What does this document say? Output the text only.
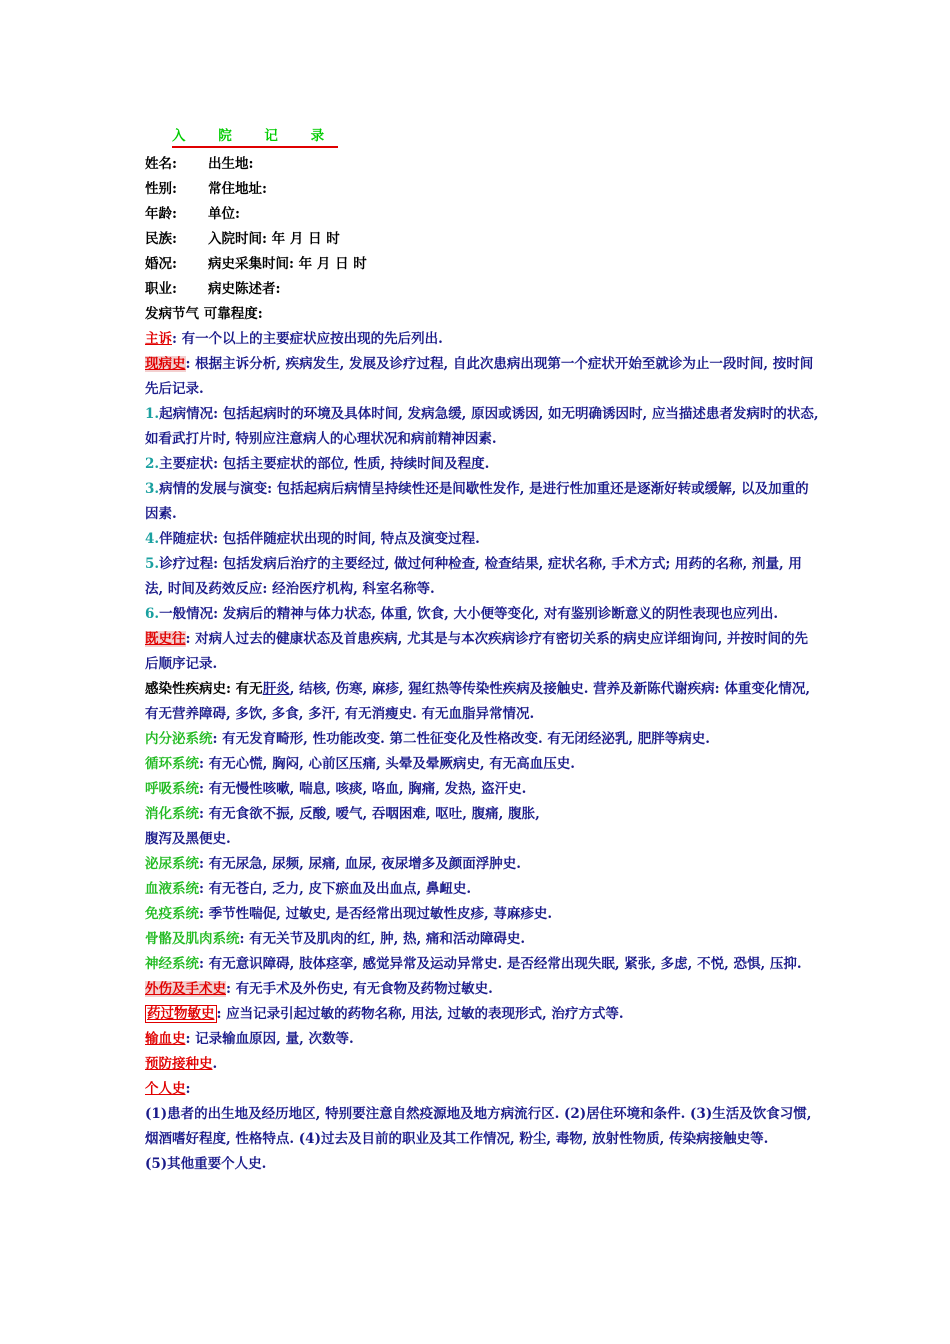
入 院 记 录
姓名:	出生地:
性别:	常住地址:
年龄:	单位:
民族:	入院时间: 年 月 日 时
婚况:	病史采集时间: 年 月 日 时
职业:	病史陈述者:

发病节气 可靠程度:

主诉: 有一个以上的主要症状应按出现的先后列出.

现病史: 根据主诉分析, 疾病发生, 发展及诊疗过程, 自此次患病出现第一个症状开始至就诊为止一段时间, 按时间先后记录.

1.起病情况: 包括起病时的环境及具体时间, 发病急缓, 原因或诱因, 如无明确诱因时, 应当描述患者发病时的状态, 如看武打片时, 特别应注意病人的心理状况和病前精神因素.

2.主要症状: 包括主要症状的部位, 性质, 持续时间及程度.

3.病情的发展与演变: 包括起病后病情呈持续性还是间歇性发作, 是进行性加重还是逐渐好转或缓解, 以及加重的因素.

4.伴随症状: 包括伴随症状出现的时间, 特点及演变过程.

5.诊疗过程: 包括发病后治疗的主要经过, 做过何种检查, 检查结果, 症状名称, 手术方式; 用药的名称, 剂量, 用法, 时间及药效反应: 经治医疗机构, 科室名称等.

6.一般情况: 发病后的精神与体力状态, 体重, 饮食, 大小便等变化, 对有鉴别诊断意义的阴性表现也应列出.

既史往: 对病人过去的健康状态及首患疾病, 尤其是与本次疾病诊疗有密切关系的病史应详细询问, 并按时间的先后顺序记录.

感染性疾病史: 有无肝炎, 结核, 伤寒, 麻疹, 猩红热等传染性疾病及接触史. 营养及新陈代谢疾病: 体重变化情况, 有无营养障碍, 多饮, 多食, 多汗, 有无消瘦史. 有无血脂异常情况.

内分泌系统: 有无发育畸形, 性功能改变. 第二性征变化及性格改变. 有无闭经泌乳, 肥胖等病史.

循环系统: 有无心慌, 胸闷, 心前区压痛, 头晕及晕厥病史, 有无高血压史.

呼吸系统: 有无慢性咳嗽, 喘息, 咳痰, 咯血, 胸痛, 发热, 盗汗史.

消化系统: 有无食欲不振, 反酸, 嗳气, 吞咽困难, 呕吐, 腹痛, 腹胀,

腹泻及黑便史.

泌尿系统: 有无尿急, 尿频, 尿痛, 血尿, 夜尿增多及颜面浮肿史.

血液系统: 有无苍白, 乏力, 皮下瘀血及出血点, 鼻衄史.

免疫系统: 季节性喘促, 过敏史, 是否经常出现过敏性皮疹, 荨麻疹史.

骨骼及肌肉系统: 有无关节及肌肉的红, 肿, 热, 痛和活动障碍史.

神经系统: 有无意识障碍, 肢体痉挛, 感觉异常及运动异常史. 是否经常出现失眠, 紧张, 多虑, 不悦, 恐惧, 压抑.

外伤及手术史: 有无手术及外伤史, 有无食物及药物过敏史.

药过物敏史 : 应当记录引起过敏的药物名称, 用法, 过敏的表现形式, 治疗方式等.

输血史: 记录输血原因, 量, 次数等.

预防接种史.

个人史:

(1)患者的出生地及经历地区, 特别要注意自然疫源地及地方病流行区. (2)居住环境和条件. (3)生活及饮食习惯, 烟酒嗜好程度, 性格特点. (4)过去及目前的职业及其工作情况, 粉尘, 毒物, 放射性物质, 传染病接触史等.

(5)其他重要个人史.
